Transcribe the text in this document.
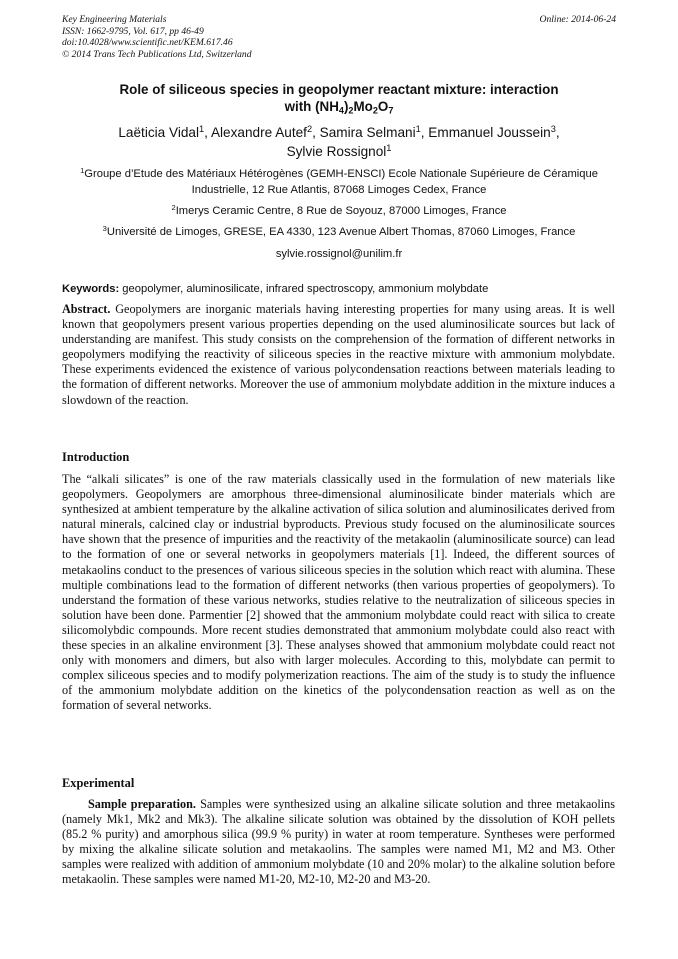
Key Engineering Materials
ISSN: 1662-9795, Vol. 617, pp 46-49
doi:10.4028/www.scientific.net/KEM.617.46
© 2014 Trans Tech Publications Ltd, Switzerland
Online: 2014-06-24
Role of siliceous species in geopolymer reactant mixture: interaction
with $(NH_4)_2Mo_2O_7$
Laëticia Vidal$^1$, Alexandre Autef$^2$, Samira Selmani$^1$, Emmanuel Joussein$^3$,
Sylvie Rossignol$^1$
$^1$Groupe d’Etude des Matériaux Hétérogènes (GEMH-ENSCI) Ecole Nationale Supérieure de Céramique Industrielle, 12 Rue Atlantis, 87068 Limoges Cedex, France
$^2$Imerys Ceramic Centre, 8 Rue de Soyouz, 87000 Limoges, France
$^3$Université de Limoges, GRESE, EA 4330, 123 Avenue Albert Thomas, 87060 Limoges, France
sylvie.rossignol@unilim.fr
Keywords: geopolymer, aluminosilicate, infrared spectroscopy, ammonium molybdate
Abstract. Geopolymers are inorganic materials having interesting properties for many using areas. It is well known that geopolymers present various properties depending on the used aluminosilicate sources but lack of understanding are manifest. This study consists on the comprehension of the formation of different networks in geopolymers modifying the reactivity of siliceous species in the reactive mixture with ammonium molybdate. These experiments evidenced the existence of various polycondensation reactions between materials leading to the formation of different networks. Moreover the use of ammonium molybdate addition in the mixture induces a slowdown of the reaction.
Introduction
The “alkali silicates” is one of the raw materials classically used in the formulation of new materials like geopolymers. Geopolymers are amorphous three-dimensional aluminosilicate binder materials which are synthesized at ambient temperature by the alkaline activation of silica solution and aluminosilicates derived from natural minerals, calcined clay or industrial byproducts. Previous study focused on the aluminosilicate sources have shown that the presence of impurities and the reactivity of the metakaolin (aluminosilicate source) can lead to the formation of one or several networks in geopolymers materials [1]. Indeed, the different sources of metakaolins conduct to the presences of various siliceous species in the solution which react with alumina. These multiple combinations lead to the formation of different networks (then various properties of geopolymers). To understand the formation of these various networks, studies relative to the neutralization of siliceous species in solution have been done. Parmentier [2] showed that the ammonium molybdate could react with silica to create silicomolybdic compounds. More recent studies demonstrated that ammonium molybdate could also react with these species in an alkaline environment [3]. These analyses showed that ammonium molybdate could react not only with monomers and dimers, but also with larger molecules. According to this, molybdate can permit to complex siliceous species and to modify polymerization reactions. The aim of the study is to study the influence of the ammonium molybdate addition on the kinetics of the polycondensation reaction as well as on the formation of several networks.
Experimental
Sample preparation. Samples were synthesized using an alkaline silicate solution and three metakaolins (namely Mk1, Mk2 and Mk3). The alkaline silicate solution was obtained by the dissolution of KOH pellets (85.2 % purity) and amorphous silica (99.9 % purity) in water at room temperature. Syntheses were performed by mixing the alkaline silicate solution and metakaolins. The samples were named M1, M2 and M3. Other samples were realized with addition of ammonium molybdate (10 and 20% molar) to the alkaline solution before metakaolin. These samples were named M1-20, M2-10, M2-20 and M3-20.
